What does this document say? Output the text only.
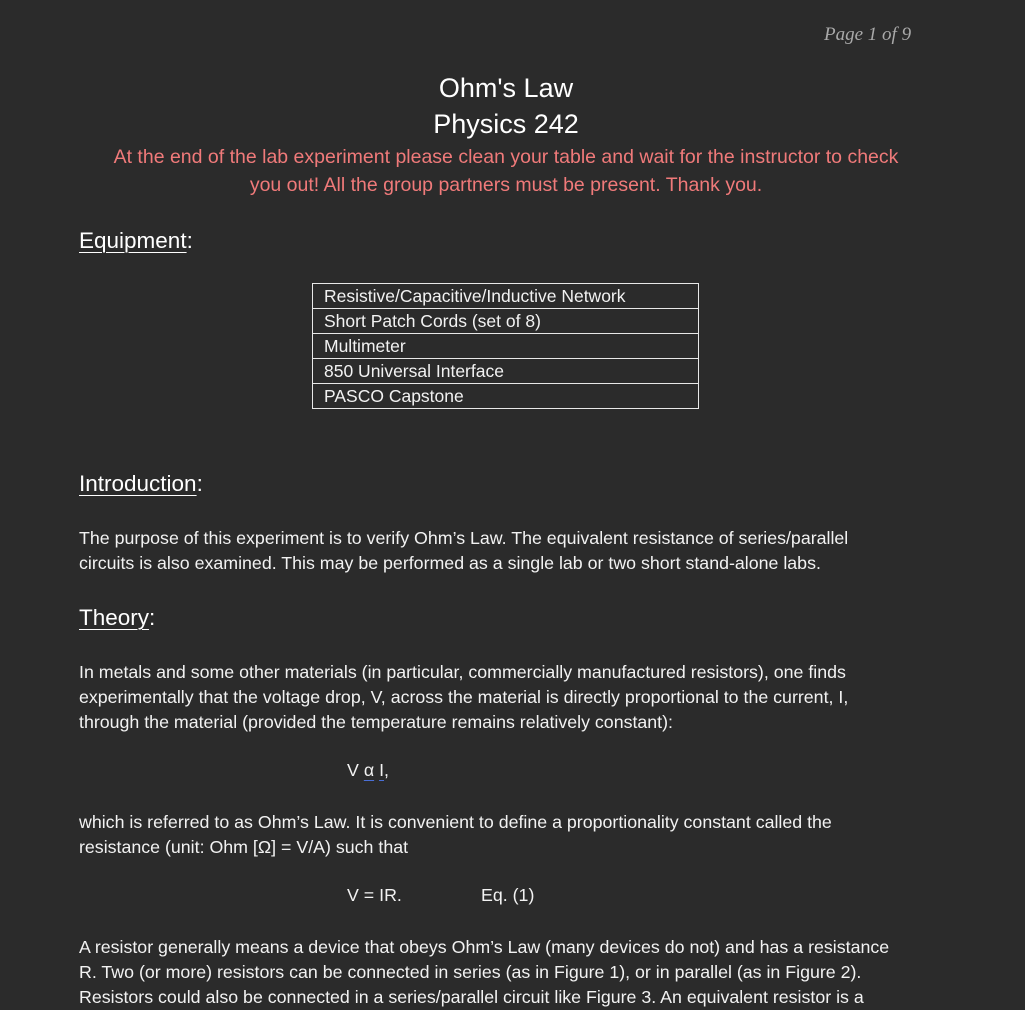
Page 1 of 9
Ohm's Law
Physics 242
At the end of the lab experiment please clean your table and wait for the instructor to check
you out! All the group partners must be present. Thank you.
Equipment:
Resistive/Capacitive/Inductive Network
Short Patch Cords (set of 8)
Multimeter
850 Universal Interface
PASCO Capstone
Introduction:
The purpose of this experiment is to verify Ohm’s Law. The equivalent resistance of series/parallel
circuits is also examined. This may be performed as a single lab or two short stand-alone labs.
Theory:
In metals and some other materials (in particular, commercially manufactured resistors), one finds
experimentally that the voltage drop, V, across the material is directly proportional to the current, I,
through the material (provided the temperature remains relatively constant):
V α I,
which is referred to as Ohm’s Law. It is convenient to define a proportionality constant called the
resistance (unit: Ohm [Ω] = V/A) such that
V = IR.	Eq. (1)
A resistor generally means a device that obeys Ohm’s Law (many devices do not) and has a resistance
R. Two (or more) resistors can be connected in series (as in Figure 1), or in parallel (as in Figure 2).
Resistors could also be connected in a series/parallel circuit like Figure 3. An equivalent resistor is a
